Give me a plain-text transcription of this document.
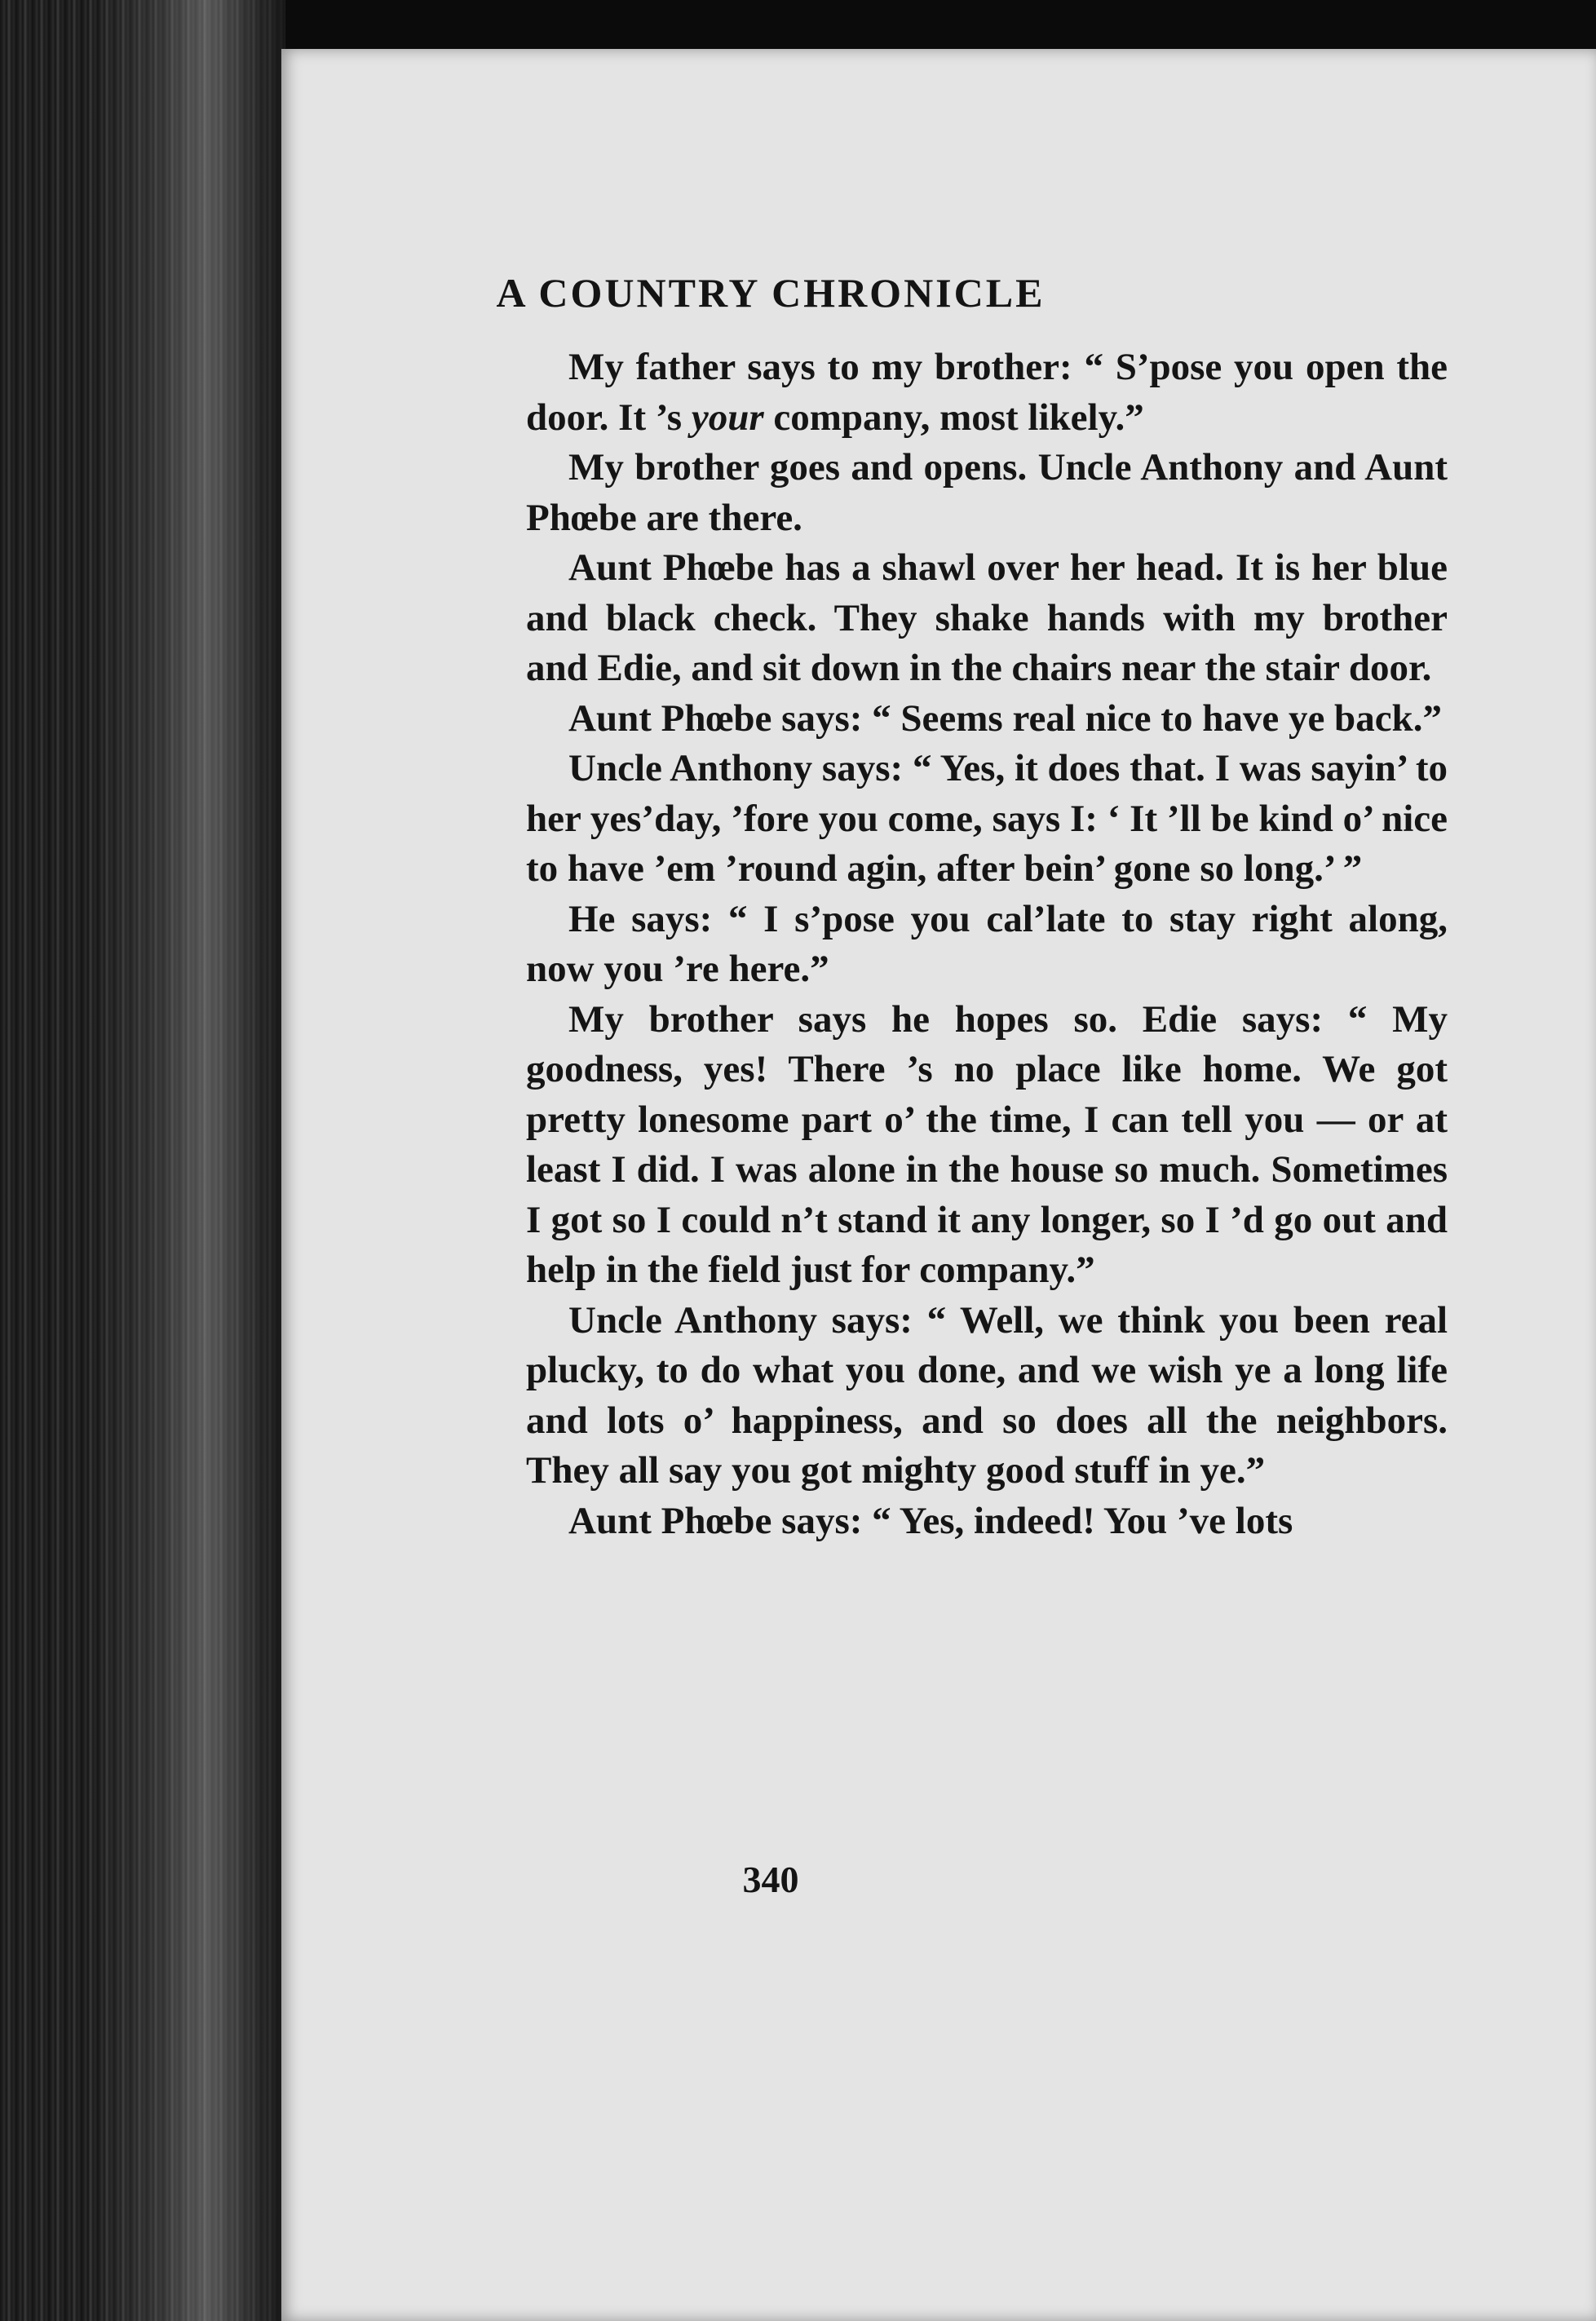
A COUNTRY CHRONICLE

My father says to my brother: “ S’pose you open the door. It ’s your company, most likely.”

My brother goes and opens. Uncle Anthony and Aunt Phœbe are there.

Aunt Phœbe has a shawl over her head. It is her blue and black check. They shake hands with my brother and Edie, and sit down in the chairs near the stair door.

Aunt Phœbe says: “ Seems real nice to have ye back.”

Uncle Anthony says: “ Yes, it does that. I was sayin’ to her yes’day, ’fore you come, says I: ‘ It ’ll be kind o’ nice to have ’em ’round agin, after bein’ gone so long.’ ”

He says: “ I s’pose you cal’late to stay right along, now you ’re here.”

My brother says he hopes so. Edie says: “ My goodness, yes! There ’s no place like home. We got pretty lonesome part o’ the time, I can tell you — or at least I did. I was alone in the house so much. Sometimes I got so I could n’t stand it any longer, so I ’d go out and help in the field just for company.”

Uncle Anthony says: “ Well, we think you been real plucky, to do what you done, and we wish ye a long life and lots o’ happiness, and so does all the neighbors. They all say you got mighty good stuff in ye.”

Aunt Phœbe says: “ Yes, indeed! You ’ve lots

340
